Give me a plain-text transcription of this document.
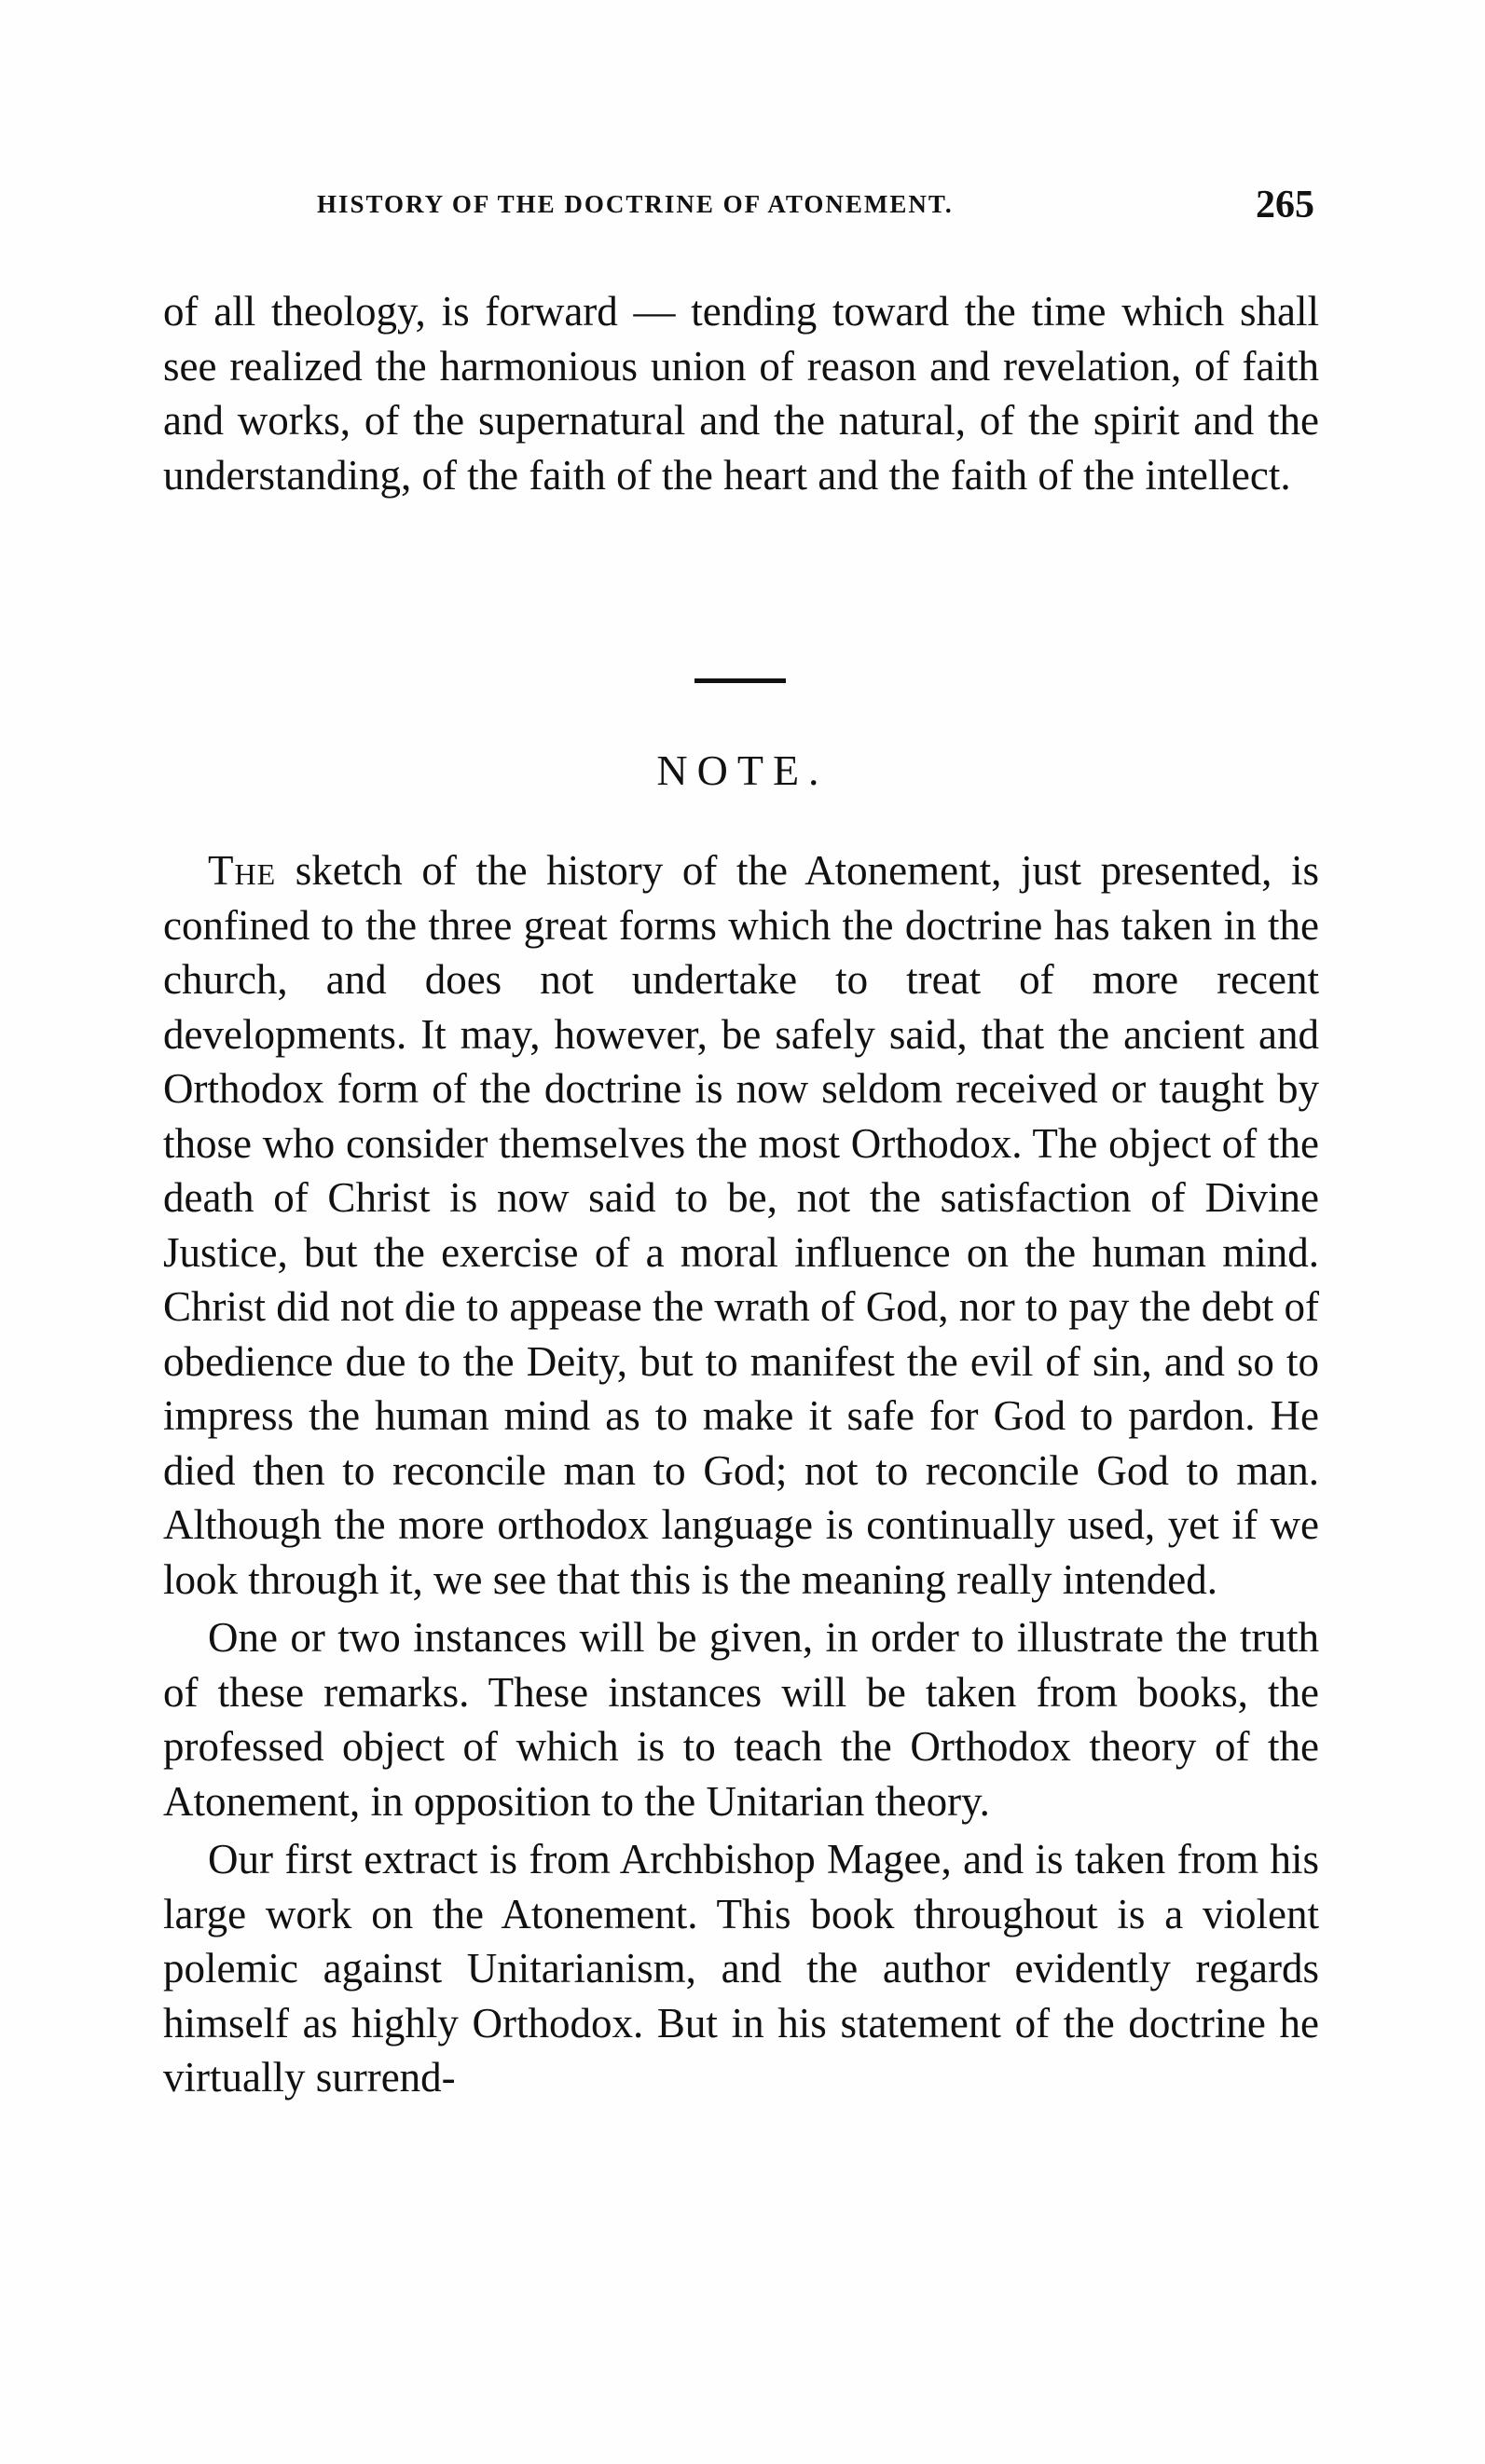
HISTORY OF THE DOCTRINE OF ATONEMENT.	265

of all theology, is forward — tending toward the time which shall see realized the harmonious union of reason and revelation, of faith and works, of the supernatural and the natural, of the spirit and the understanding, of the faith of the heart and the faith of the intellect.

NOTE.

The sketch of the history of the Atonement, just presented, is confined to the three great forms which the doctrine has taken in the church, and does not undertake to treat of more recent developments. It may, however, be safely said, that the ancient and Orthodox form of the doctrine is now seldom received or taught by those who consider themselves the most Orthodox. The object of the death of Christ is now said to be, not the satisfaction of Divine Justice, but the exercise of a moral influence on the human mind. Christ did not die to appease the wrath of God, nor to pay the debt of obedience due to the Deity, but to manifest the evil of sin, and so to impress the human mind as to make it safe for God to pardon. He died then to reconcile man to God; not to reconcile God to man. Although the more orthodox language is continually used, yet if we look through it, we see that this is the meaning really intended.

One or two instances will be given, in order to illustrate the truth of these remarks. These instances will be taken from books, the professed object of which is to teach the Orthodox theory of the Atonement, in opposition to the Unitarian theory.

Our first extract is from Archbishop Magee, and is taken from his large work on the Atonement. This book throughout is a violent polemic against Unitarianism, and the author evidently regards himself as highly Orthodox. But in his statement of the doctrine he virtually surrend-
